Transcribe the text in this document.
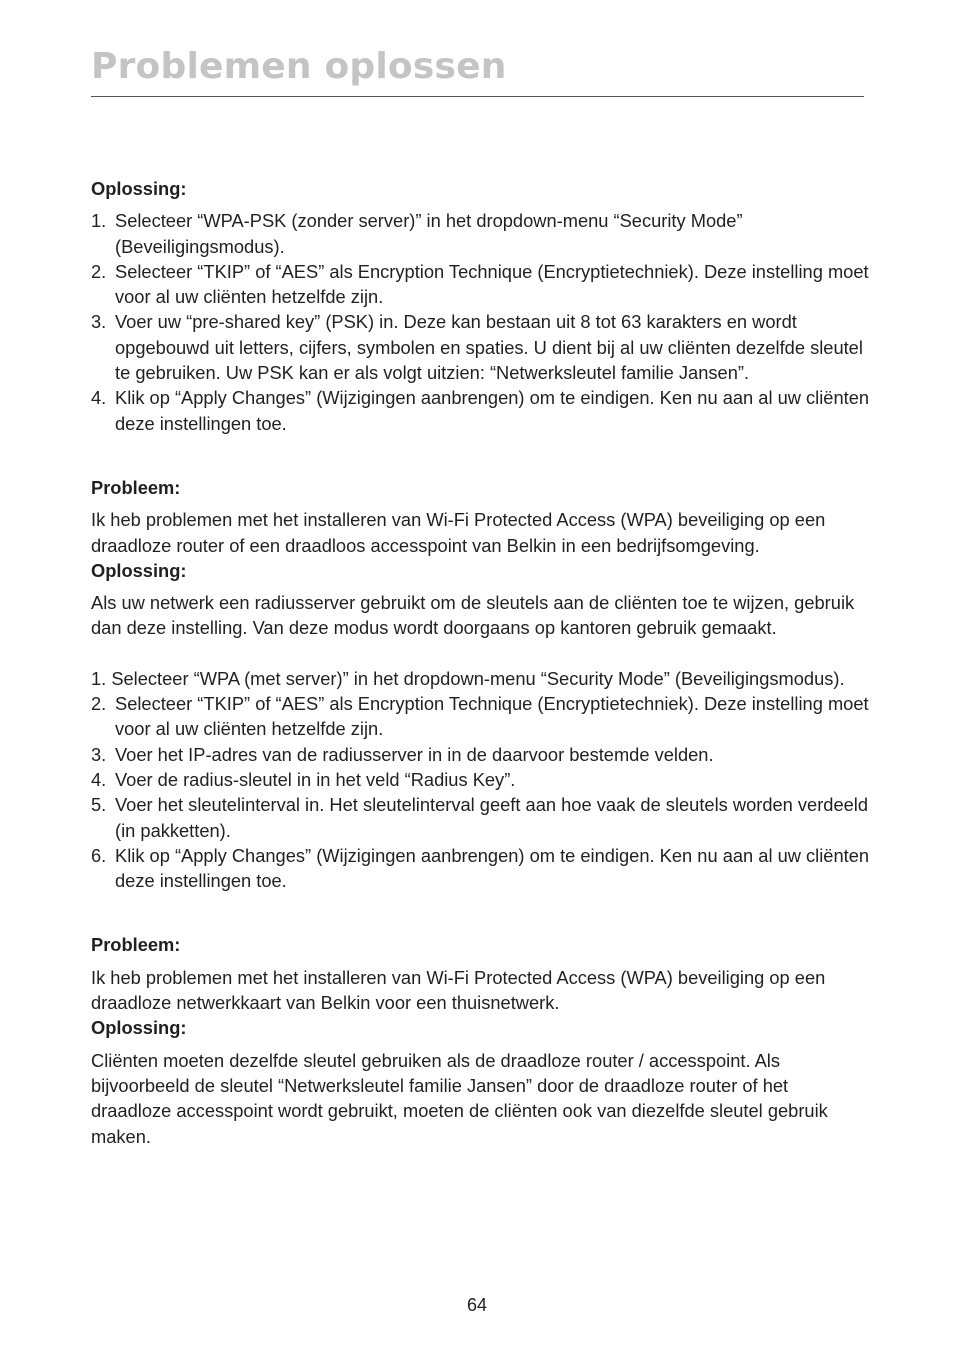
Problemen oplossen

Oplossing:

1. Selecteer “WPA-PSK (zonder server)” in het dropdown-menu “Security Mode” (Beveiligingsmodus).
2. Selecteer “TKIP” of “AES” als Encryption Technique (Encryptietechniek). Deze instelling moet voor al uw cliënten hetzelfde zijn.
3. Voer uw “pre-shared key” (PSK) in. Deze kan bestaan uit 8 tot 63 karakters en wordt opgebouwd uit letters, cijfers, symbolen en spaties. U dient bij al uw cliënten dezelfde sleutel te gebruiken. Uw PSK kan er als volgt uitzien: “Netwerksleutel familie Jansen”.
4. Klik op “Apply Changes” (Wijzigingen aanbrengen) om te eindigen. Ken nu aan al uw cliënten deze instellingen toe.

Probleem:

Ik heb problemen met het installeren van Wi-Fi Protected Access (WPA) beveiliging op een draadloze router of een draadloos accesspoint van Belkin in een bedrijfsomgeving.

Oplossing:

Als uw netwerk een radiusserver gebruikt om de sleutels aan de cliënten toe te wijzen, gebruik dan deze instelling. Van deze modus wordt doorgaans op kantoren gebruik gemaakt.

1. Selecteer “WPA (met server)” in het dropdown-menu “Security Mode” (Beveiligingsmodus).

2. Selecteer “TKIP” of “AES” als Encryption Technique (Encryptietechniek). Deze instelling moet voor al uw cliënten hetzelfde zijn.
3. Voer het IP-adres van de radiusserver in in de daarvoor bestemde velden.
4. Voer de radius-sleutel in in het veld “Radius Key”.
5. Voer het sleutelinterval in. Het sleutelinterval geeft aan hoe vaak de sleutels worden verdeeld (in pakketten).
6. Klik op “Apply Changes” (Wijzigingen aanbrengen) om te eindigen. Ken nu aan al uw cliënten deze instellingen toe.

Probleem:

Ik heb problemen met het installeren van Wi-Fi Protected Access (WPA) beveiliging op een draadloze netwerkkaart van Belkin voor een thuisnetwerk.

Oplossing:

Cliënten moeten dezelfde sleutel gebruiken als de draadloze router / accesspoint. Als bijvoorbeeld de sleutel “Netwerksleutel familie Jansen” door de draadloze router of het draadloze accesspoint wordt gebruikt, moeten de cliënten ook van diezelfde sleutel gebruik maken.

64
